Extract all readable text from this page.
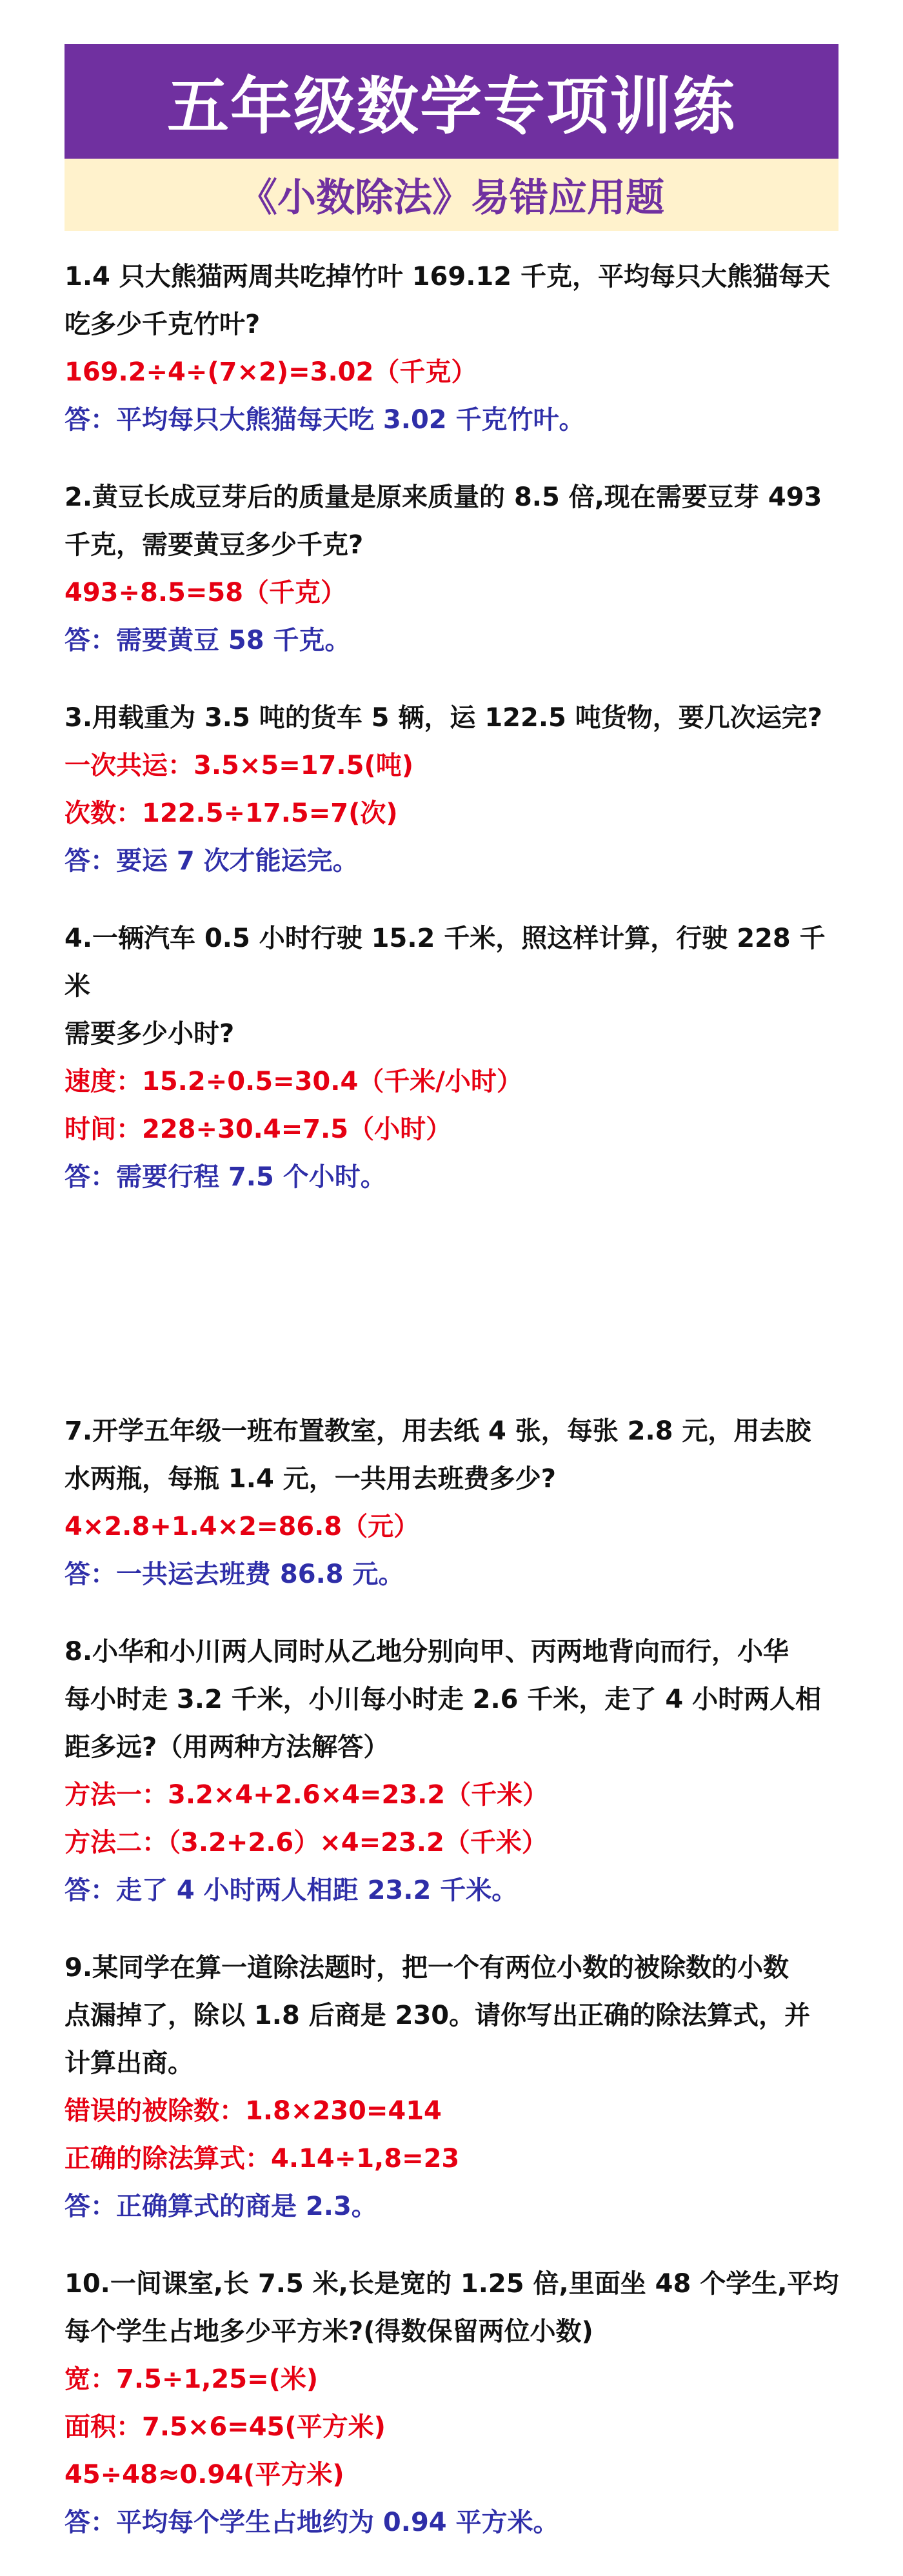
五年级数学专项训练
《小数除法》易错应用题

1.4 只大熊猫两周共吃掉竹叶 169.12 千克，平均每只大熊猫每天

吃多少千克竹叶?

169.2÷4÷(7×2)=3.02（千克）

答：平均每只大熊猫每天吃 3.02 千克竹叶。

2.黄豆长成豆芽后的质量是原来质量的 8.5 倍,现在需要豆芽 493

千克，需要黄豆多少千克?

493÷8.5=58（千克）

答：需要黄豆 58 千克。

3.用载重为 3.5 吨的货车 5 辆，运 122.5 吨货物，要几次运完?

一次共运：3.5×5=17.5(吨)

次数：122.5÷17.5=7(次)

答：要运 7 次才能运完。

4.一辆汽车 0.5 小时行驶 15.2 千米，照这样计算，行驶 228 千米

需要多少小时?

速度：15.2÷0.5=30.4（千米/小时）

时间：228÷30.4=7.5（小时）

答：需要行程 7.5 个小时。

7.开学五年级一班布置教室，用去纸 4 张，每张 2.8 元，用去胶

水两瓶，每瓶 1.4 元，一共用去班费多少?

4×2.8+1.4×2=86.8（元）

答：一共运去班费 86.8 元。

8.小华和小川两人同时从乙地分别向甲、丙两地背向而行，小华

每小时走 3.2 千米，小川每小时走 2.6 千米，走了 4 小时两人相

距多远?（用两种方法解答）

方法一：3.2×4+2.6×4=23.2（千米）

方法二：（3.2+2.6）×4=23.2（千米）

答：走了 4 小时两人相距 23.2 千米。

9.某同学在算一道除法题时，把一个有两位小数的被除数的小数

点漏掉了，除以 1.8 后商是 230。请你写出正确的除法算式，并

计算出商。

错误的被除数：1.8×230=414

正确的除法算式：4.14÷1,8=23

答：正确算式的商是 2.3。

10.一间课室,长 7.5 米,长是宽的 1.25 倍,里面坐 48 个学生,平均

每个学生占地多少平方米?(得数保留两位小数)

宽：7.5÷1,25=(米)

面积：7.5×6=45(平方米)

45÷48≈0.94(平方米)

答：平均每个学生占地约为 0.94 平方米。
